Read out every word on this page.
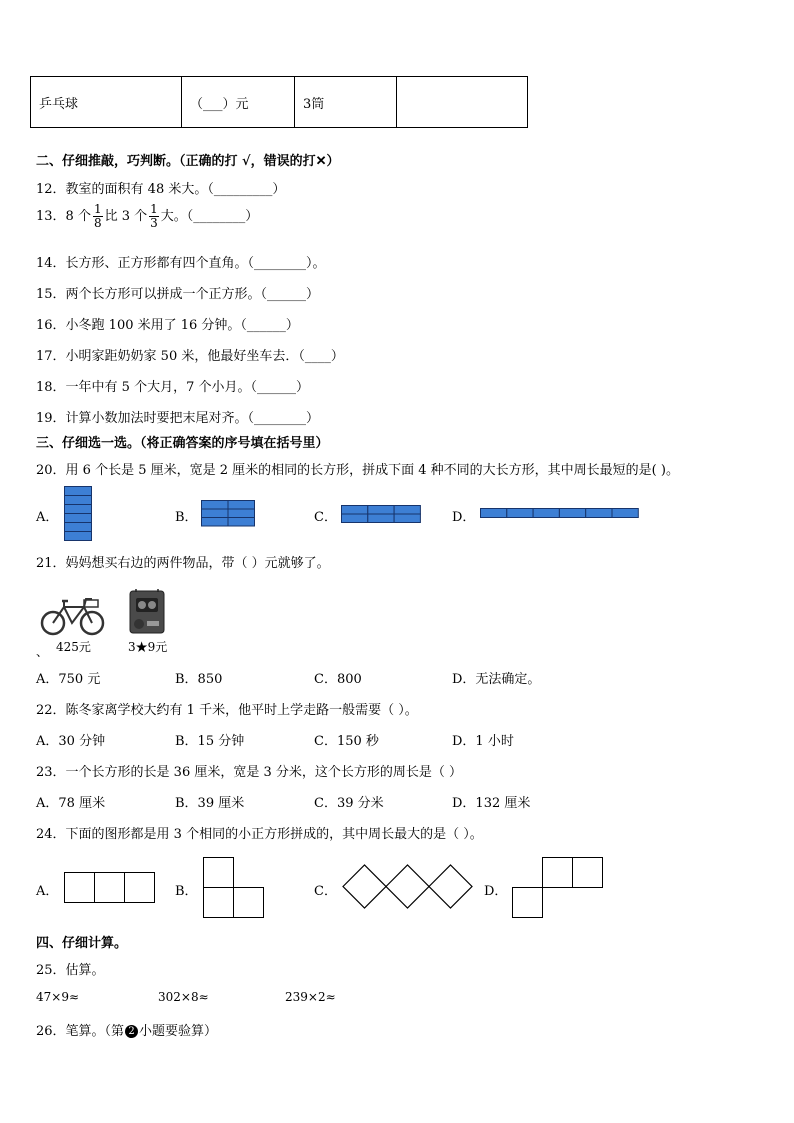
乒乓球	（___）元	3筒	
二、仔细推敲，巧判断。（正确的打 √，错误的打✕）
12．教室的面积有 48 米大。（_________）
13．8 个 $\frac{1}{8}$ 比 3 个 $\frac{1}{3}$ 大。（________）
14．长方形、正方形都有四个直角。（________）。
15．两个长方形可以拼成一个正方形。（______）
16．小冬跑 100 米用了 16 分钟。（______）
17．小明家距奶奶家 50 米，他最好坐车去．（____）
18．一年中有 5 个大月，7 个小月。（______）
19．计算小数加法时要把末尾对齐。（________）
三、仔细选一选。（将正确答案的序号填在括号里）
20．用 6 个长是 5 厘米，宽是 2 厘米的相同的长方形，拼成下面 4 种不同的大长方形，其中周长最短的是( )。
A．	B．	C．	D．
21．妈妈想买右边的两件物品，带（ ）元就够了。
425元	3★9元
、
A．750 元	B．850	C．800	D．无法确定。
22．陈冬家离学校大约有 1 千米，他平时上学走路一般需要（ ）。
A．30 分钟	B．15 分钟	C．150 秒	D．1 小时
23．一个长方形的长是 36 厘米，宽是 3 分米，这个长方形的周长是（ ）
A．78 厘米	B．39 厘米	C．39 分米	D．132 厘米
24．下面的图形都是用 3 个相同的小正方形拼成的，其中周长最大的是（ ）。
A．	B．	C．	D．
四、仔细计算。
25．估算。
47×9≈	302×8≈	239×2≈
26．笔算。（第 2 小题要验算）
